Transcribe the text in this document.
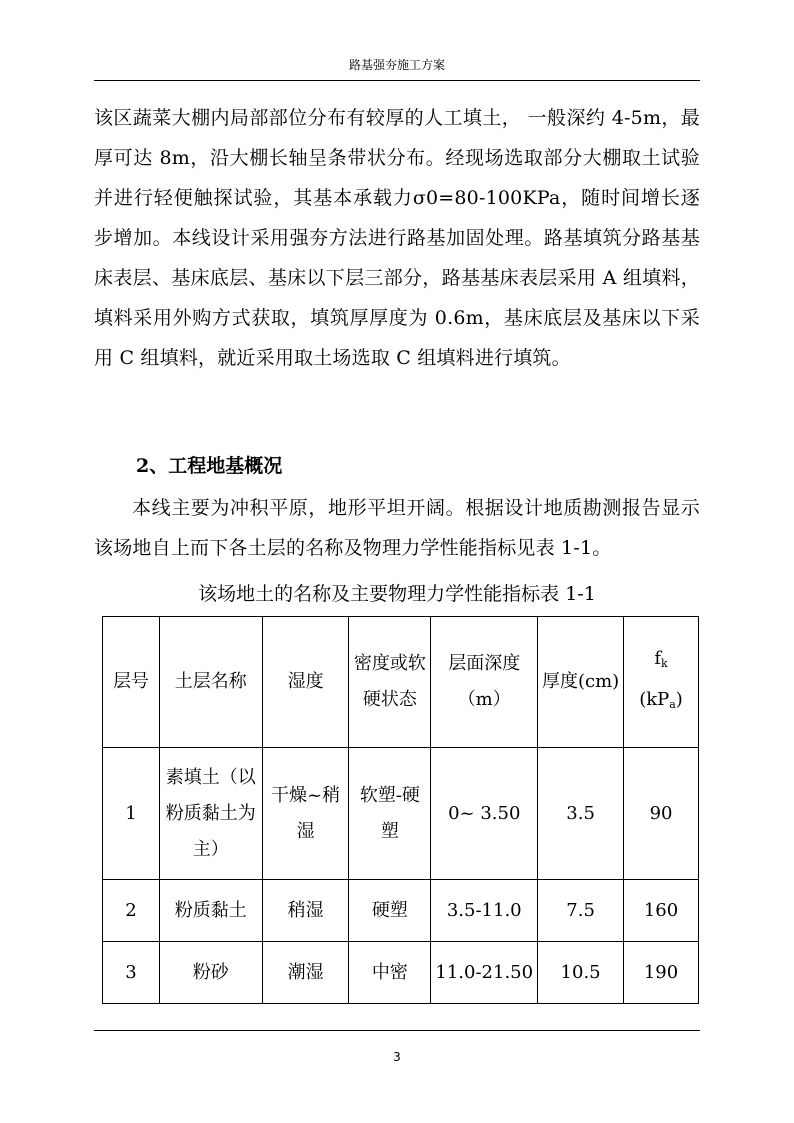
路基强夯施工方案

该区蔬菜大棚内局部部位分布有较厚的人工填土， 一般深约 4-5m，最厚可达 8m，沿大棚长轴呈条带状分布。经现场选取部分大棚取土试验并进行轻便触探试验，其基本承载力σ0=80-100KPa，随时间增长逐步增加。本线设计采用强夯方法进行路基加固处理。路基填筑分路基基床表层、基床底层、基床以下层三部分，路基基床表层采用 A 组填料，填料采用外购方式获取，填筑厚厚度为 0.6m，基床底层及基床以下采用 C 组填料，就近采用取土场选取 C 组填料进行填筑。

2、工程地基概况

本线主要为冲积平原，地形平坦开阔。根据设计地质勘测报告显示该场地自上而下各土层的名称及物理力学性能指标见表 1-1。

该场地土的名称及主要物理力学性能指标表 1-1
层号	土层名称	湿度	密度或软硬状态	层面深度（m）	厚度(cm)	$f_k$
$(kP_a)$

1	素填土（以粉质黏土为主）	干燥~稍湿	软塑-硬塑	0~ 3.50	3.5	90
2	粉质黏土	稍湿	硬塑	3.5-11.0	7.5	160
3	粉砂	潮湿	中密	11.0-21.50	10.5	190
3
